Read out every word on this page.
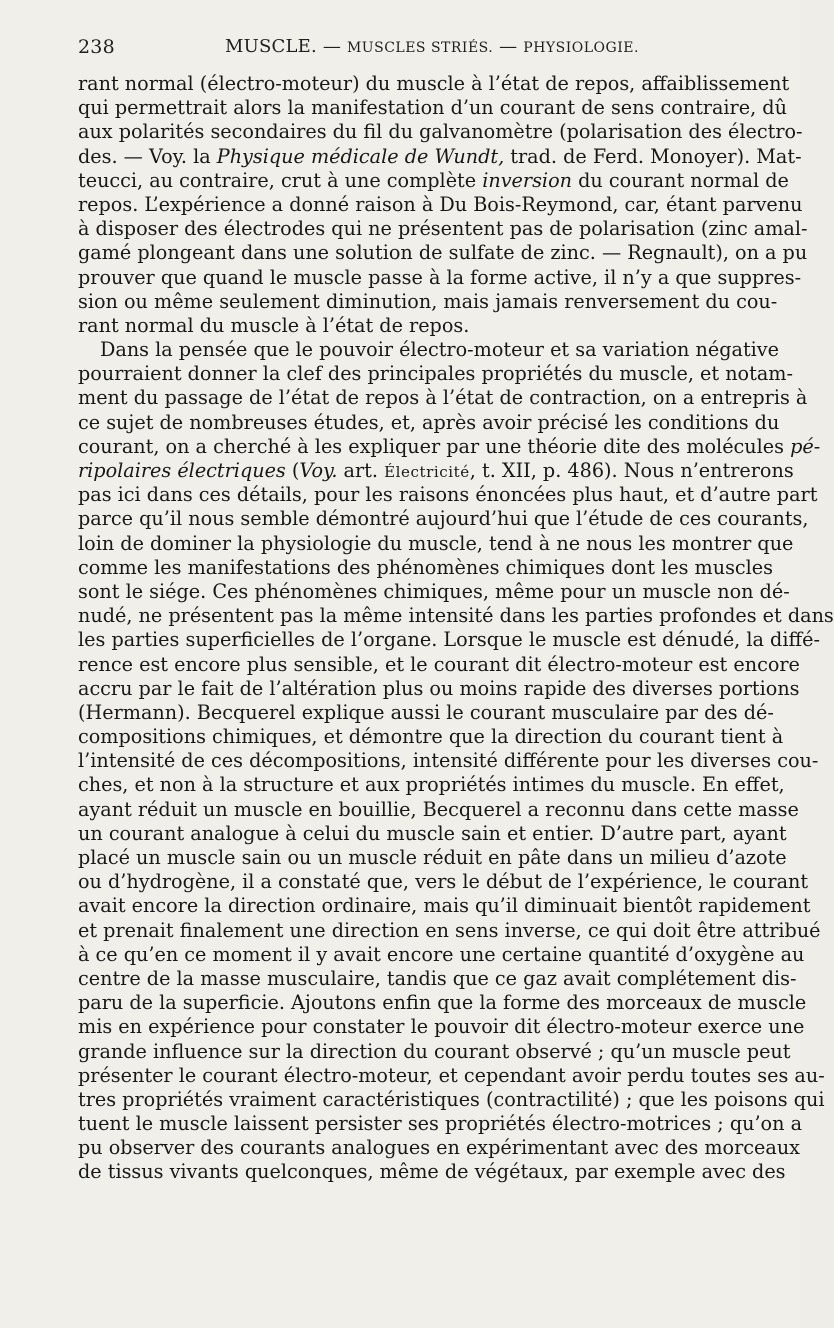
238	MUSCLE. — MUSCLES STRIÉS. — PHYSIOLOGIE.
rant normal (électro-moteur) du muscle à l’état de repos, affaiblissement
qui permettrait alors la manifestation d’un courant de sens contraire, dû
aux polarités secondaires du fil du galvanomètre (polarisation des électro-
des. — Voy. la Physique médicale de Wundt, trad. de Ferd. Monoyer). Mat-
teucci, au contraire, crut à une complète inversion du courant normal de
repos. L’expérience a donné raison à Du Bois-Reymond, car, étant parvenu
à disposer des électrodes qui ne présentent pas de polarisation (zinc amal-
gamé plongeant dans une solution de sulfate de zinc. — Regnault), on a pu
prouver que quand le muscle passe à la forme active, il n’y a que suppres-
sion ou même seulement diminution, mais jamais renversement du cou-
rant normal du muscle à l’état de repos.
Dans la pensée que le pouvoir électro-moteur et sa variation négative
pourraient donner la clef des principales propriétés du muscle, et notam-
ment du passage de l’état de repos à l’état de contraction, on a entrepris à
ce sujet de nombreuses études, et, après avoir précisé les conditions du
courant, on a cherché à les expliquer par une théorie dite des molécules pé-
ripolaires électriques (Voy. art. Électricité, t. XII, p. 486). Nous n’entrerons
pas ici dans ces détails, pour les raisons énoncées plus haut, et d’autre part
parce qu’il nous semble démontré aujourd’hui que l’étude de ces courants,
loin de dominer la physiologie du muscle, tend à ne nous les montrer que
comme les manifestations des phénomènes chimiques dont les muscles
sont le siége. Ces phénomènes chimiques, même pour un muscle non dé-
nudé, ne présentent pas la même intensité dans les parties profondes et dans
les parties superficielles de l’organe. Lorsque le muscle est dénudé, la diffé-
rence est encore plus sensible, et le courant dit électro-moteur est encore
accru par le fait de l’altération plus ou moins rapide des diverses portions
(Hermann). Becquerel explique aussi le courant musculaire par des dé-
compositions chimiques, et démontre que la direction du courant tient à
l’intensité de ces décompositions, intensité différente pour les diverses cou-
ches, et non à la structure et aux propriétés intimes du muscle. En effet,
ayant réduit un muscle en bouillie, Becquerel a reconnu dans cette masse
un courant analogue à celui du muscle sain et entier. D’autre part, ayant
placé un muscle sain ou un muscle réduit en pâte dans un milieu d’azote
ou d’hydrogène, il a constaté que, vers le début de l’expérience, le courant
avait encore la direction ordinaire, mais qu’il diminuait bientôt rapidement
et prenait finalement une direction en sens inverse, ce qui doit être attribué
à ce qu’en ce moment il y avait encore une certaine quantité d’oxygène au
centre de la masse musculaire, tandis que ce gaz avait complétement dis-
paru de la superficie. Ajoutons enfin que la forme des morceaux de muscle
mis en expérience pour constater le pouvoir dit électro-moteur exerce une
grande influence sur la direction du courant observé ; qu’un muscle peut
présenter le courant électro-moteur, et cependant avoir perdu toutes ses au-
tres propriétés vraiment caractéristiques (contractilité) ; que les poisons qui
tuent le muscle laissent persister ses propriétés électro-motrices ; qu’on a
pu observer des courants analogues en expérimentant avec des morceaux
de tissus vivants quelconques, même de végétaux, par exemple avec des
